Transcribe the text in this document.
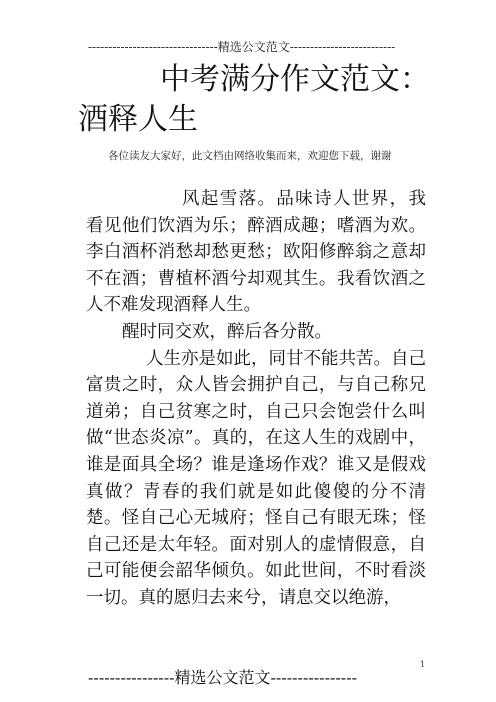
--------------------------------精选公文范文--------------------------
中考满分作文范文：
酒释人生
各位读友大家好，此文档由网络收集而来，欢迎您下载，谢谢

风起雪落。品味诗人世界，我看见他们饮酒为乐；醉酒成趣；嗜酒为欢。李白酒杯消愁却愁更愁；欧阳修醉翁之意却不在酒；曹植杯酒兮却观其生。我看饮酒之人不难发现酒释人生。

醒时同交欢，醉后各分散。

人生亦是如此，同甘不能共苦。自己富贵之时，众人皆会拥护自己，与自己称兄道弟；自己贫寒之时，自己只会饱尝什么叫做“世态炎凉”。真的，在这人生的戏剧中，谁是面具全场？谁是逢场作戏？谁又是假戏真做？青春的我们就是如此傻傻的分不清楚。怪自己心无城府；怪自己有眼无珠；怪自己还是太年轻。面对别人的虚情假意，自己可能便会韶华倾负。如此世间，不时看淡一切。真的愿归去来兮，请息交以绝游，

----------------精选公文范文----------------
1
